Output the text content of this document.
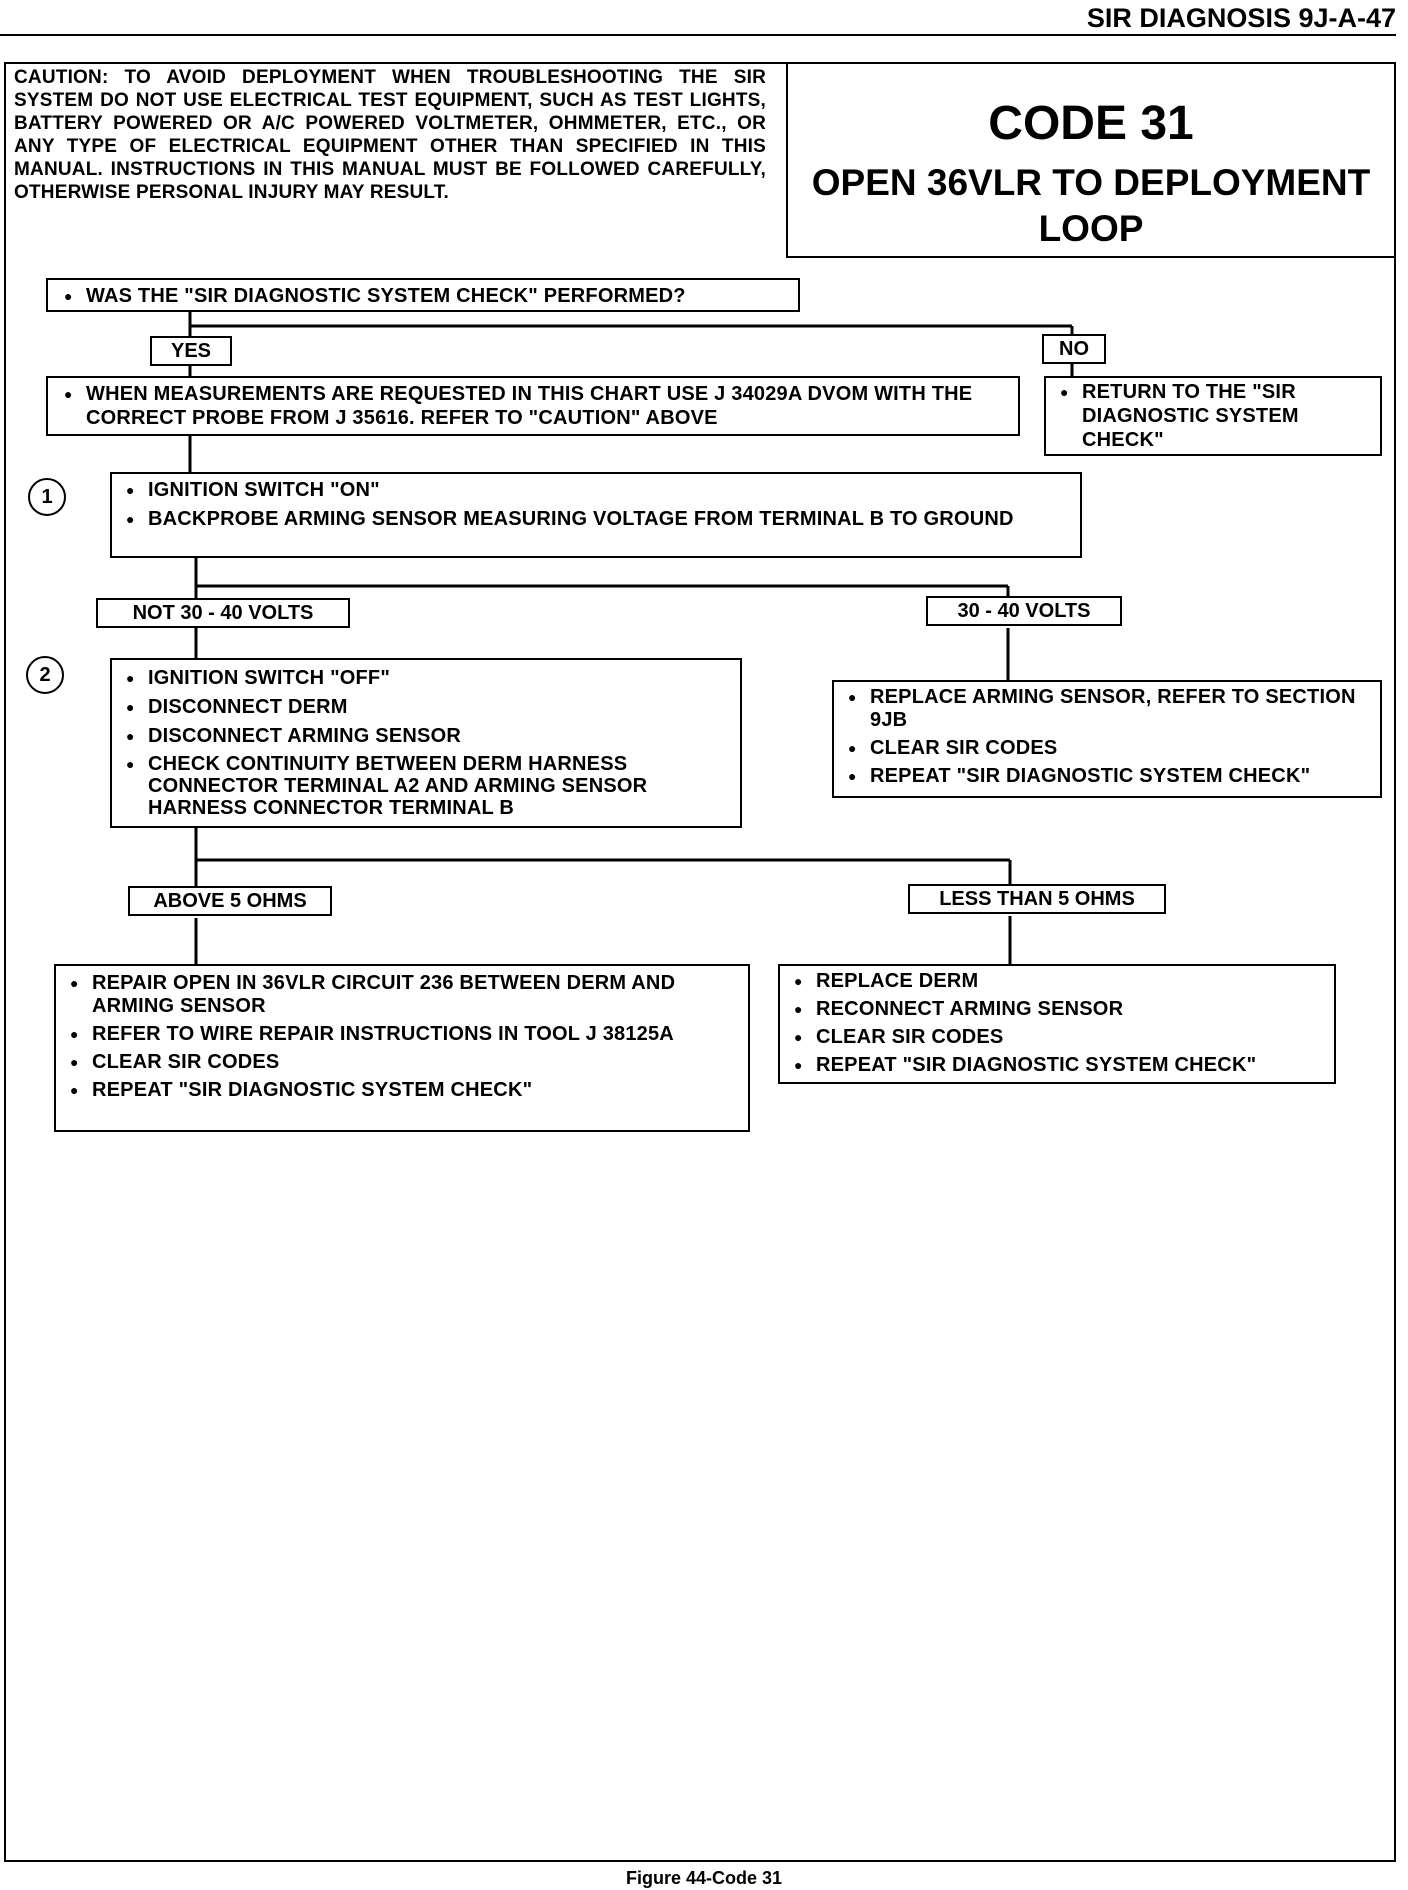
SIR DIAGNOSIS 9J-A-47
CAUTION: TO AVOID DEPLOYMENT WHEN TROUBLESHOOTING THE SIR SYSTEM DO NOT USE ELECTRICAL TEST EQUIPMENT, SUCH AS TEST LIGHTS, BATTERY POWERED OR A/C POWERED VOLTMETER, OHMMETER, ETC., OR ANY TYPE OF ELECTRICAL EQUIPMENT OTHER THAN SPECIFIED IN THIS MANUAL. INSTRUCTIONS IN THIS MANUAL MUST BE FOLLOWED CAREFULLY, OTHERWISE PERSONAL INJURY MAY RESULT.
CODE 31
OPEN 36VLR TO DEPLOYMENT LOOP
● WAS THE "SIR DIAGNOSTIC SYSTEM CHECK" PERFORMED?
YES	NO
● WHEN MEASUREMENTS ARE REQUESTED IN THIS CHART USE J 34029A DVOM WITH THE CORRECT PROBE FROM J 35616. REFER TO "CAUTION" ABOVE
● RETURN TO THE "SIR DIAGNOSTIC SYSTEM CHECK"
1	● IGNITION SWITCH "ON"
● BACKPROBE ARMING SENSOR MEASURING VOLTAGE FROM TERMINAL B TO GROUND
NOT 30 - 40 VOLTS	30 - 40 VOLTS
2	● IGNITION SWITCH "OFF"
● DISCONNECT DERM
● DISCONNECT ARMING SENSOR
● CHECK CONTINUITY BETWEEN DERM HARNESS CONNECTOR TERMINAL A2 AND ARMING SENSOR HARNESS CONNECTOR TERMINAL B
● REPLACE ARMING SENSOR, REFER TO SECTION 9JB
● CLEAR SIR CODES
● REPEAT "SIR DIAGNOSTIC SYSTEM CHECK"
ABOVE 5 OHMS	LESS THAN 5 OHMS
● REPAIR OPEN IN 36VLR CIRCUIT 236 BETWEEN DERM AND ARMING SENSOR
● REFER TO WIRE REPAIR INSTRUCTIONS IN TOOL J 38125A
● CLEAR SIR CODES
● REPEAT "SIR DIAGNOSTIC SYSTEM CHECK"
● REPLACE DERM
● RECONNECT ARMING SENSOR
● CLEAR SIR CODES
● REPEAT "SIR DIAGNOSTIC SYSTEM CHECK"
Figure 44-Code 31
